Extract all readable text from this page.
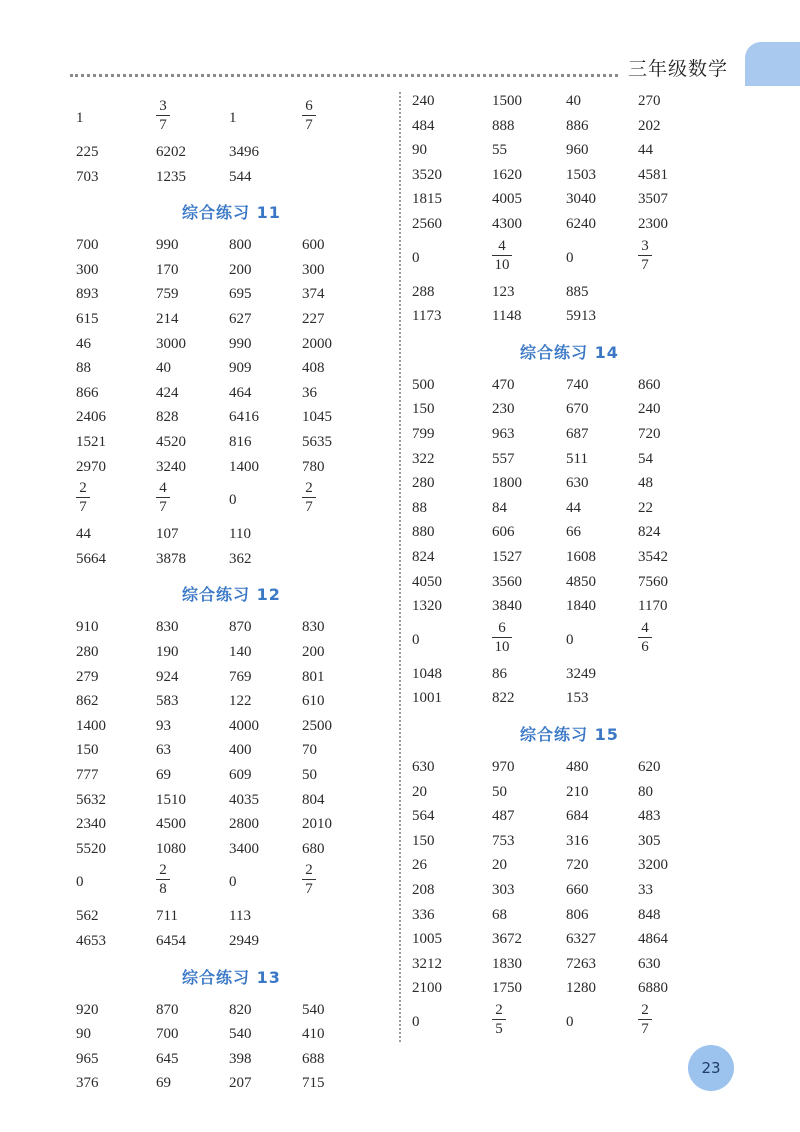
三年级数学
1	$\frac{3}{7}$	1	$\frac{6}{7}$
225	6202	3496
703	1235	544
综合练习 11
700	990	800	600
300	170	200	300
893	759	695	374
615	214	627	227
46	3000	990	2000
88	40	909	408
866	424	464	36
2406	828	6416	1045
1521	4520	816	5635
2970	3240	1400	780
$\frac{2}{7}$	$\frac{4}{7}$	0	$\frac{2}{7}$
44	107	110
5664	3878	362
综合练习 12
910	830	870	830
280	190	140	200
279	924	769	801
862	583	122	610
1400	93	4000	2500
150	63	400	70
777	69	609	50
5632	1510	4035	804
2340	4500	2800	2010
5520	1080	3400	680
0	$\frac{2}{8}$	0	$\frac{2}{7}$
562	711	113
4653	6454	2949
综合练习 13
920	870	820	540
90	700	540	410
965	645	398	688
376	69	207	715
240	1500	40	270
484	888	886	202
90	55	960	44
3520	1620	1503	4581
1815	4005	3040	3507
2560	4300	6240	2300
0	$\frac{4}{10}$	0	$\frac{3}{7}$
288	123	885
1173	1148	5913
综合练习 14
500	470	740	860
150	230	670	240
799	963	687	720
322	557	511	54
280	1800	630	48
88	84	44	22
880	606	66	824
824	1527	1608	3542
4050	3560	4850	7560
1320	3840	1840	1170
0	$\frac{6}{10}$	0	$\frac{4}{6}$
1048	86	3249
1001	822	153
综合练习 15
630	970	480	620
20	50	210	80
564	487	684	483
150	753	316	305
26	20	720	3200
208	303	660	33
336	68	806	848
1005	3672	6327	4864
3212	1830	7263	630
2100	1750	1280	6880
0	$\frac{2}{5}$	0	$\frac{2}{7}$
23
